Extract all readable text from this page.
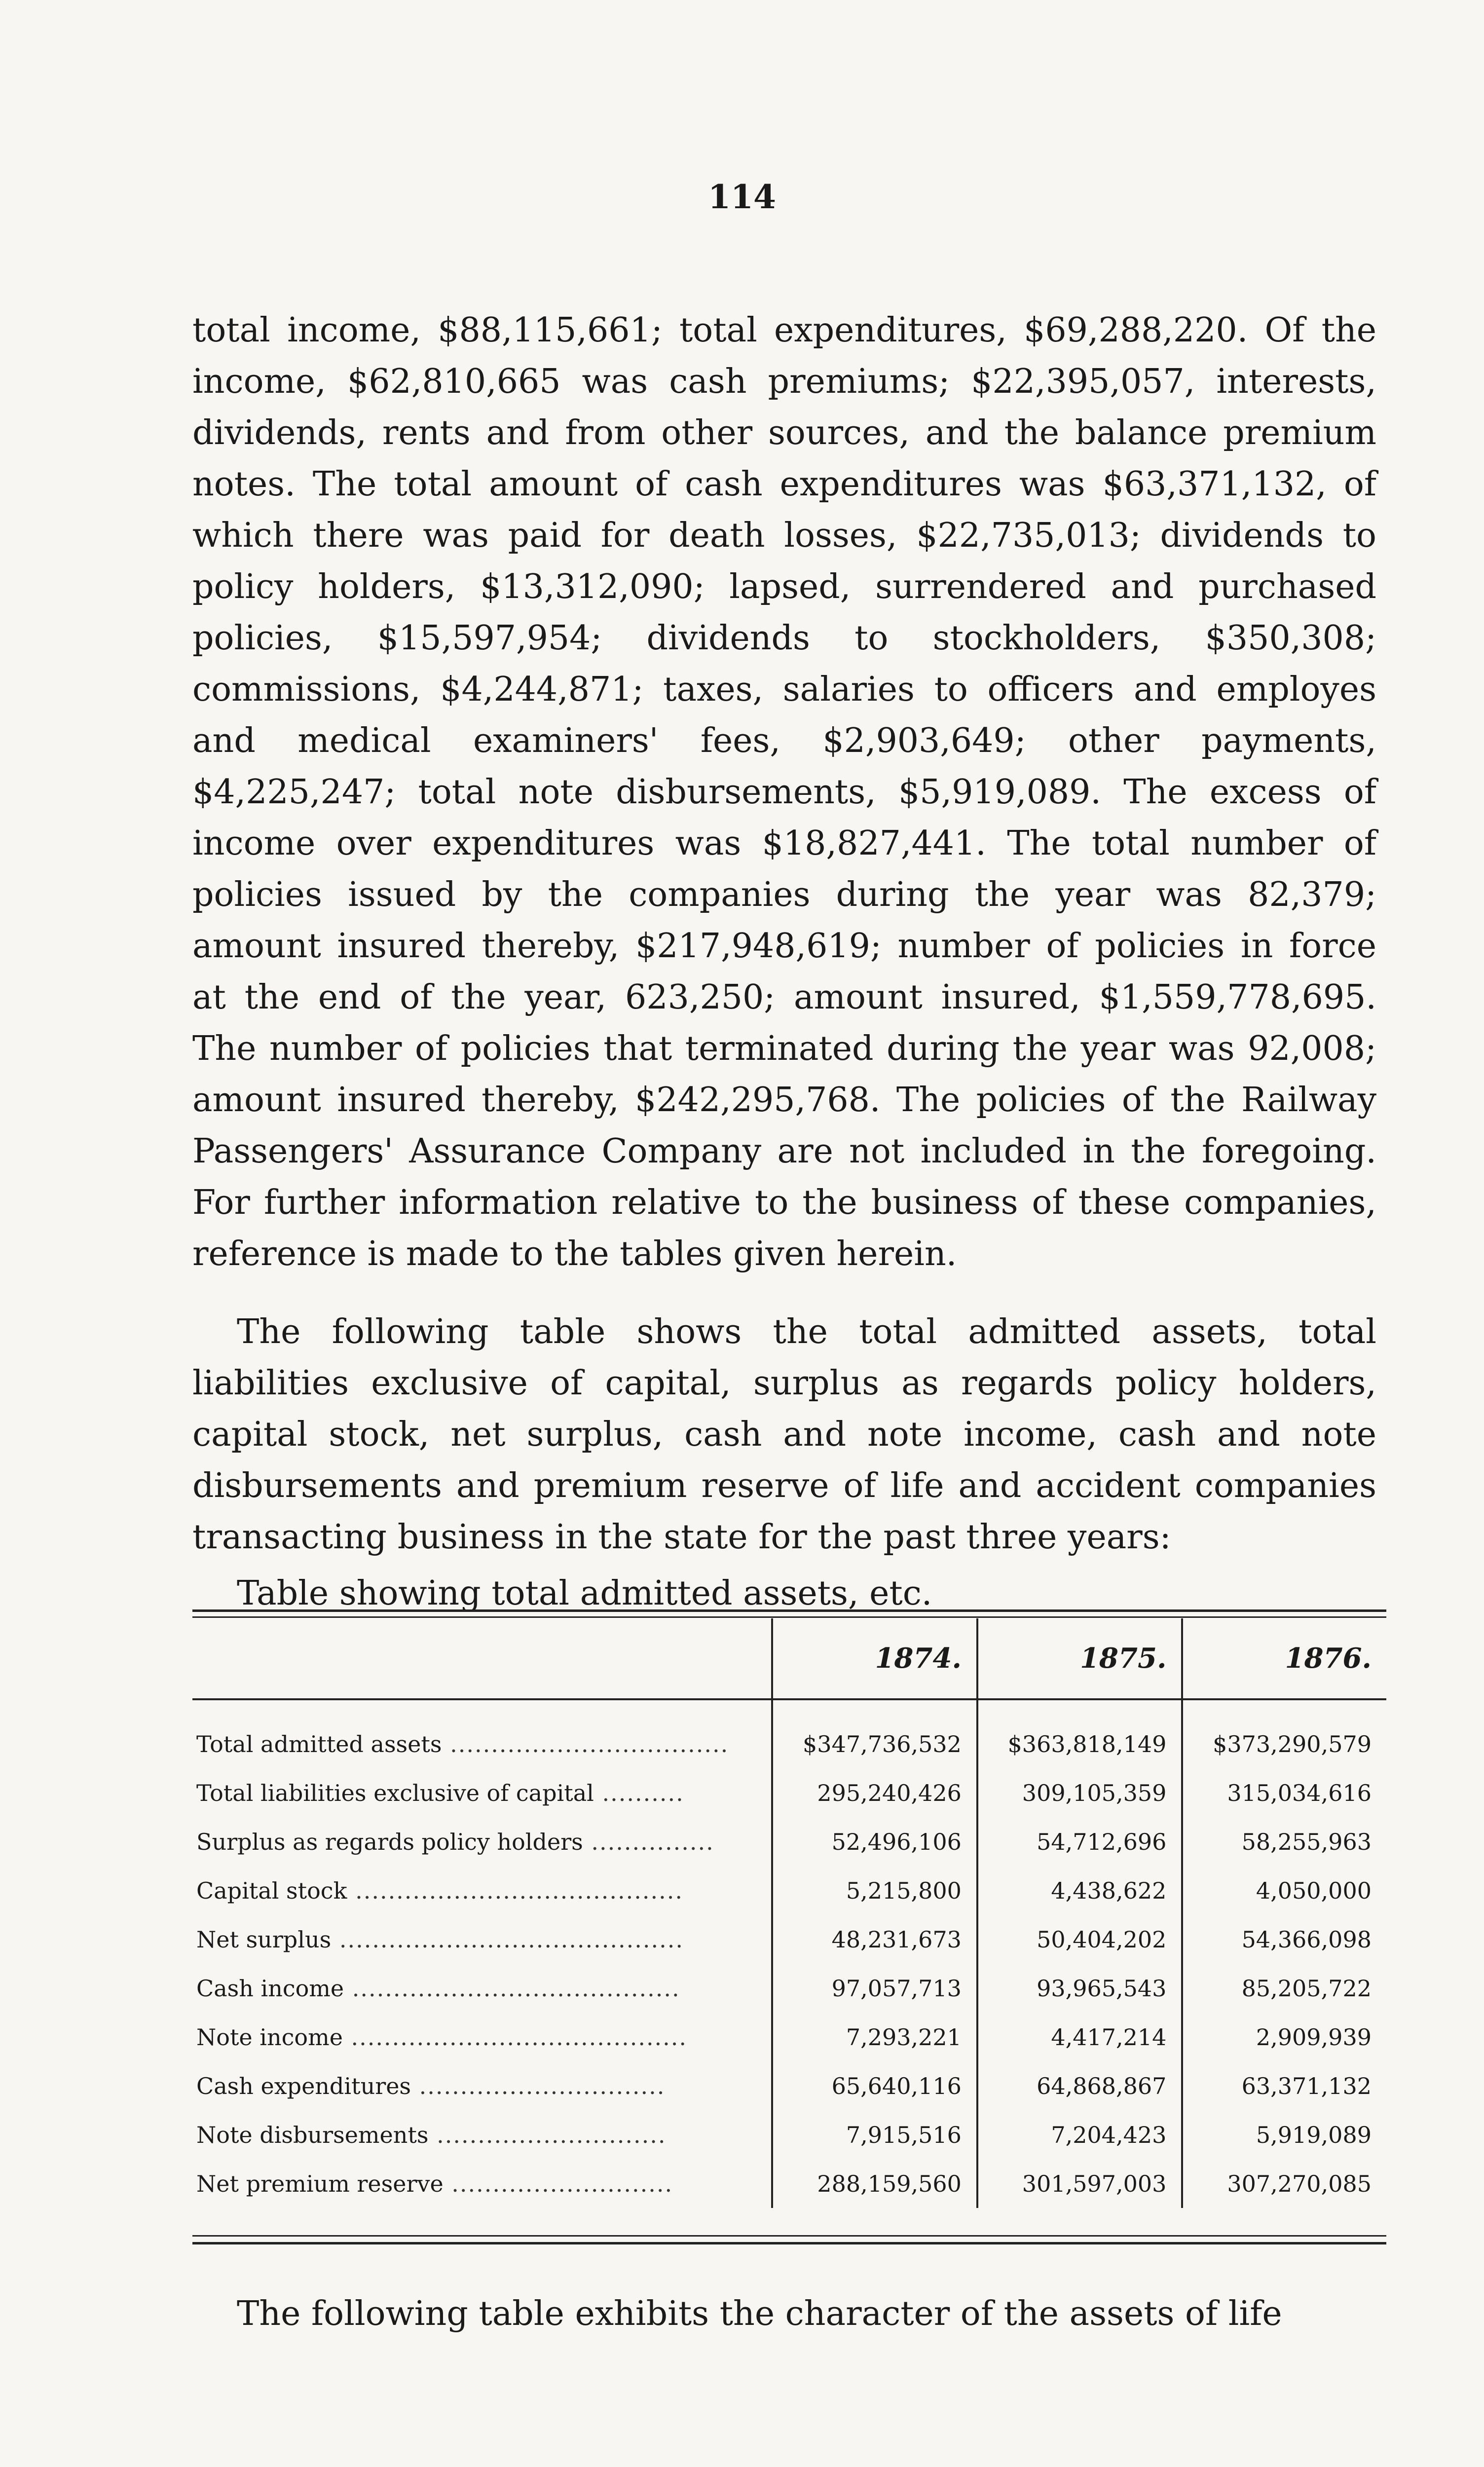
114

total income, $88,115,661; total expenditures, $69,288,220. Of the income, $62,810,665 was cash premiums; $22,395,057, interests, dividends, rents and from other sources, and the balance premium notes. The total amount of cash expenditures was $63,371,132, of which there was paid for death losses, $22,735,013; dividends to policy holders, $13,312,090; lapsed, surrendered and purchased policies, $15,597,954; dividends to stockholders, $350,308; commissions, $4,244,871; taxes, salaries to officers and employes and medical examiners' fees, $2,903,649; other payments, $4,225,247; total note disbursements, $5,919,089. The excess of income over expenditures was $18,827,441. The total number of policies issued by the companies during the year was 82,379; amount insured thereby, $217,948,619; number of policies in force at the end of the year, 623,250; amount insured, $1,559,778,695. The number of policies that terminated during the year was 92,008; amount insured thereby, $242,295,768. The policies of the Railway Passengers' Assurance Company are not included in the foregoing. For further information relative to the business of these companies, reference is made to the tables given herein.

The following table shows the total admitted assets, total liabilities exclusive of capital, surplus as regards policy holders, capital stock, net surplus, cash and note income, cash and note disbursements and premium reserve of life and accident companies transacting business in the state for the past three years:

Table showing total admitted assets, etc.

	1874.	1875.	1876.
Total admitted assets ..................................	$347,736,532	$363,818,149	$373,290,579
Total liabilities exclusive of capital ..........	295,240,426	309,105,359	315,034,616
Surplus as regards policy holders ...............	52,496,106	54,712,696	58,255,963
Capital stock ........................................	5,215,800	4,438,622	4,050,000
Net surplus ..........................................	48,231,673	50,404,202	54,366,098
Cash income ........................................	97,057,713	93,965,543	85,205,722
Note income .........................................	7,293,221	4,417,214	2,909,939
Cash expenditures ..............................	65,640,116	64,868,867	63,371,132
Note disbursements ............................	7,915,516	7,204,423	5,919,089
Net premium reserve ...........................	288,159,560	301,597,003	307,270,085

The following table exhibits the character of the assets of life
